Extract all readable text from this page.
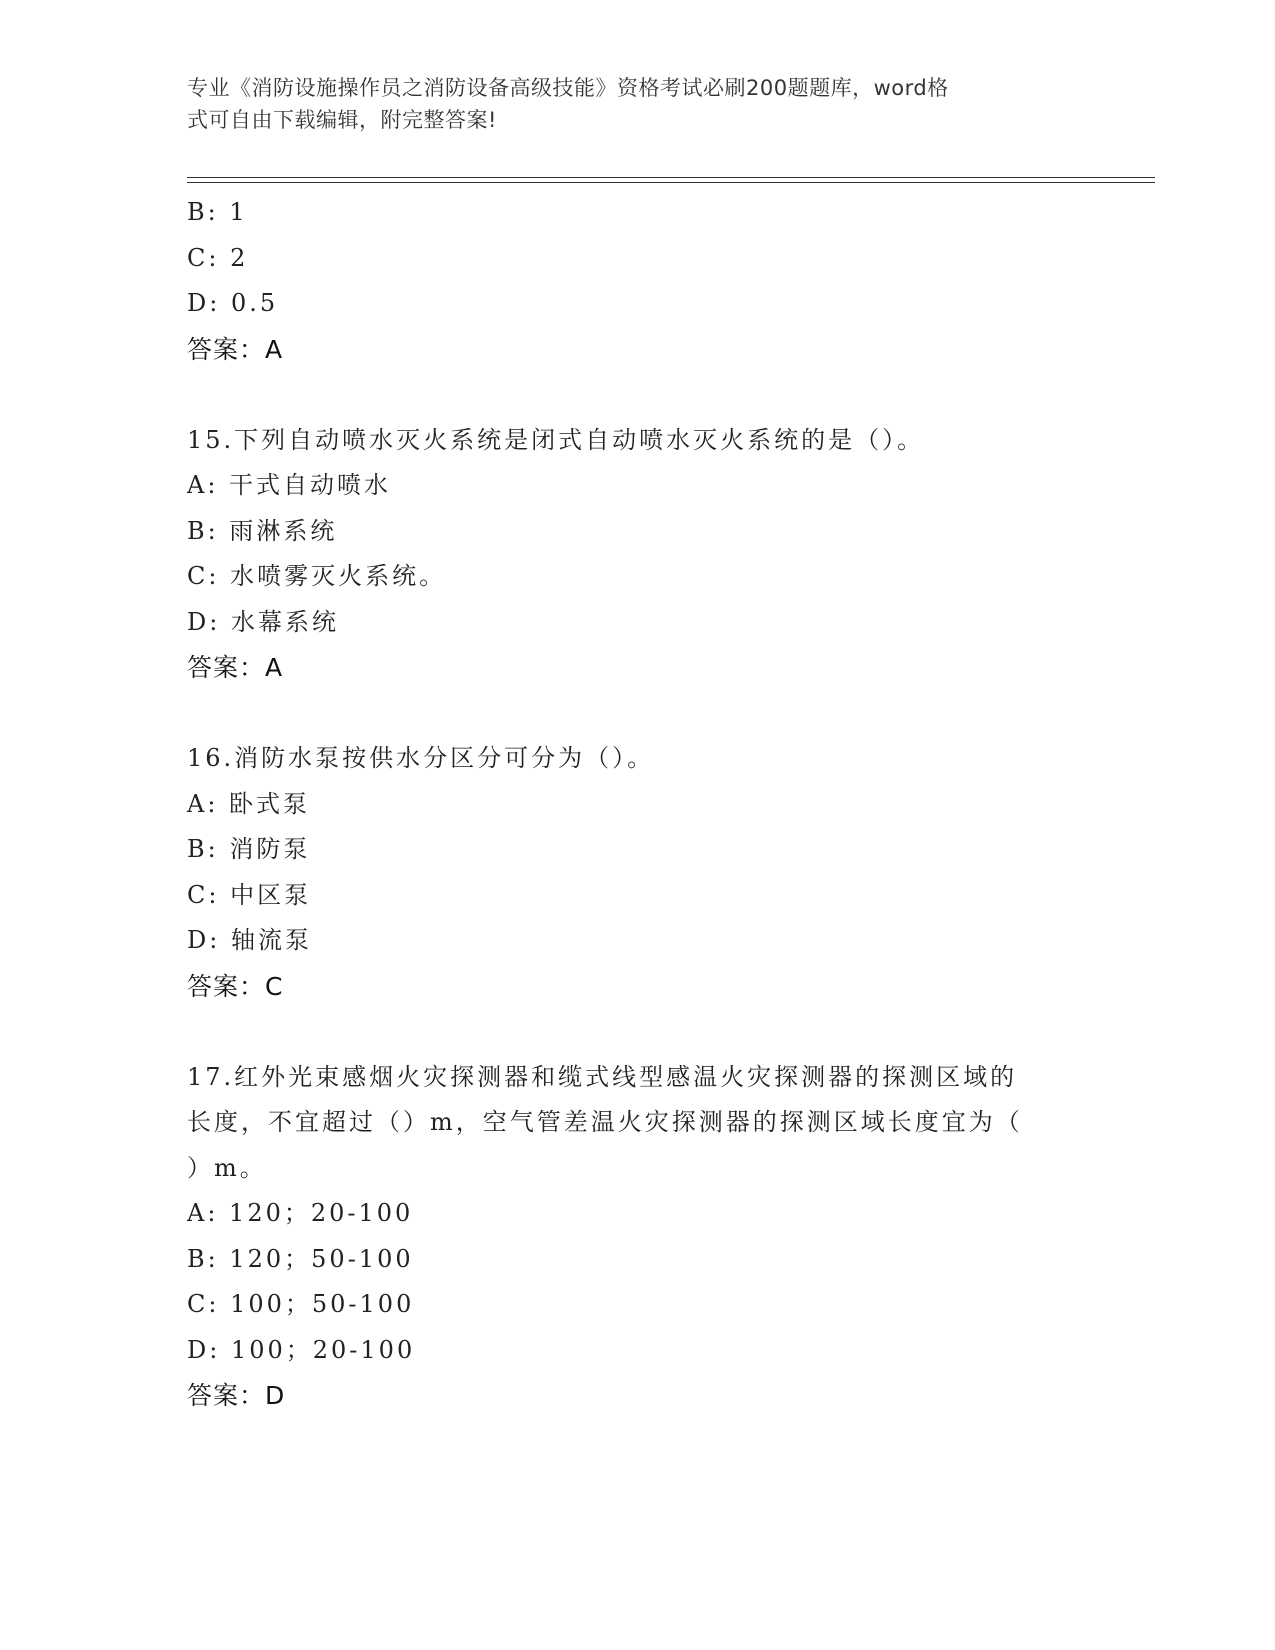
专业《消防设施操作员之消防设备高级技能》资格考试必刷200题题库，word格
式可自由下载编辑，附完整答案!
B: 1
C: 2
D: 0.5
答案：A
15.下列自动喷水灭火系统是闭式自动喷水灭火系统的是（）。
A: 干式自动喷水
B: 雨淋系统
C: 水喷雾灭火系统。
D: 水幕系统
答案：A
16.消防水泵按供水分区分可分为（）。
A: 卧式泵
B: 消防泵
C: 中区泵
D: 轴流泵
答案：C
17.红外光束感烟火灾探测器和缆式线型感温火灾探测器的探测区域的
长度，不宜超过（）m，空气管差温火灾探测器的探测区域长度宜为（
）m。
A: 120；20-100
B: 120；50-100
C: 100；50-100
D: 100；20-100
答案：D
